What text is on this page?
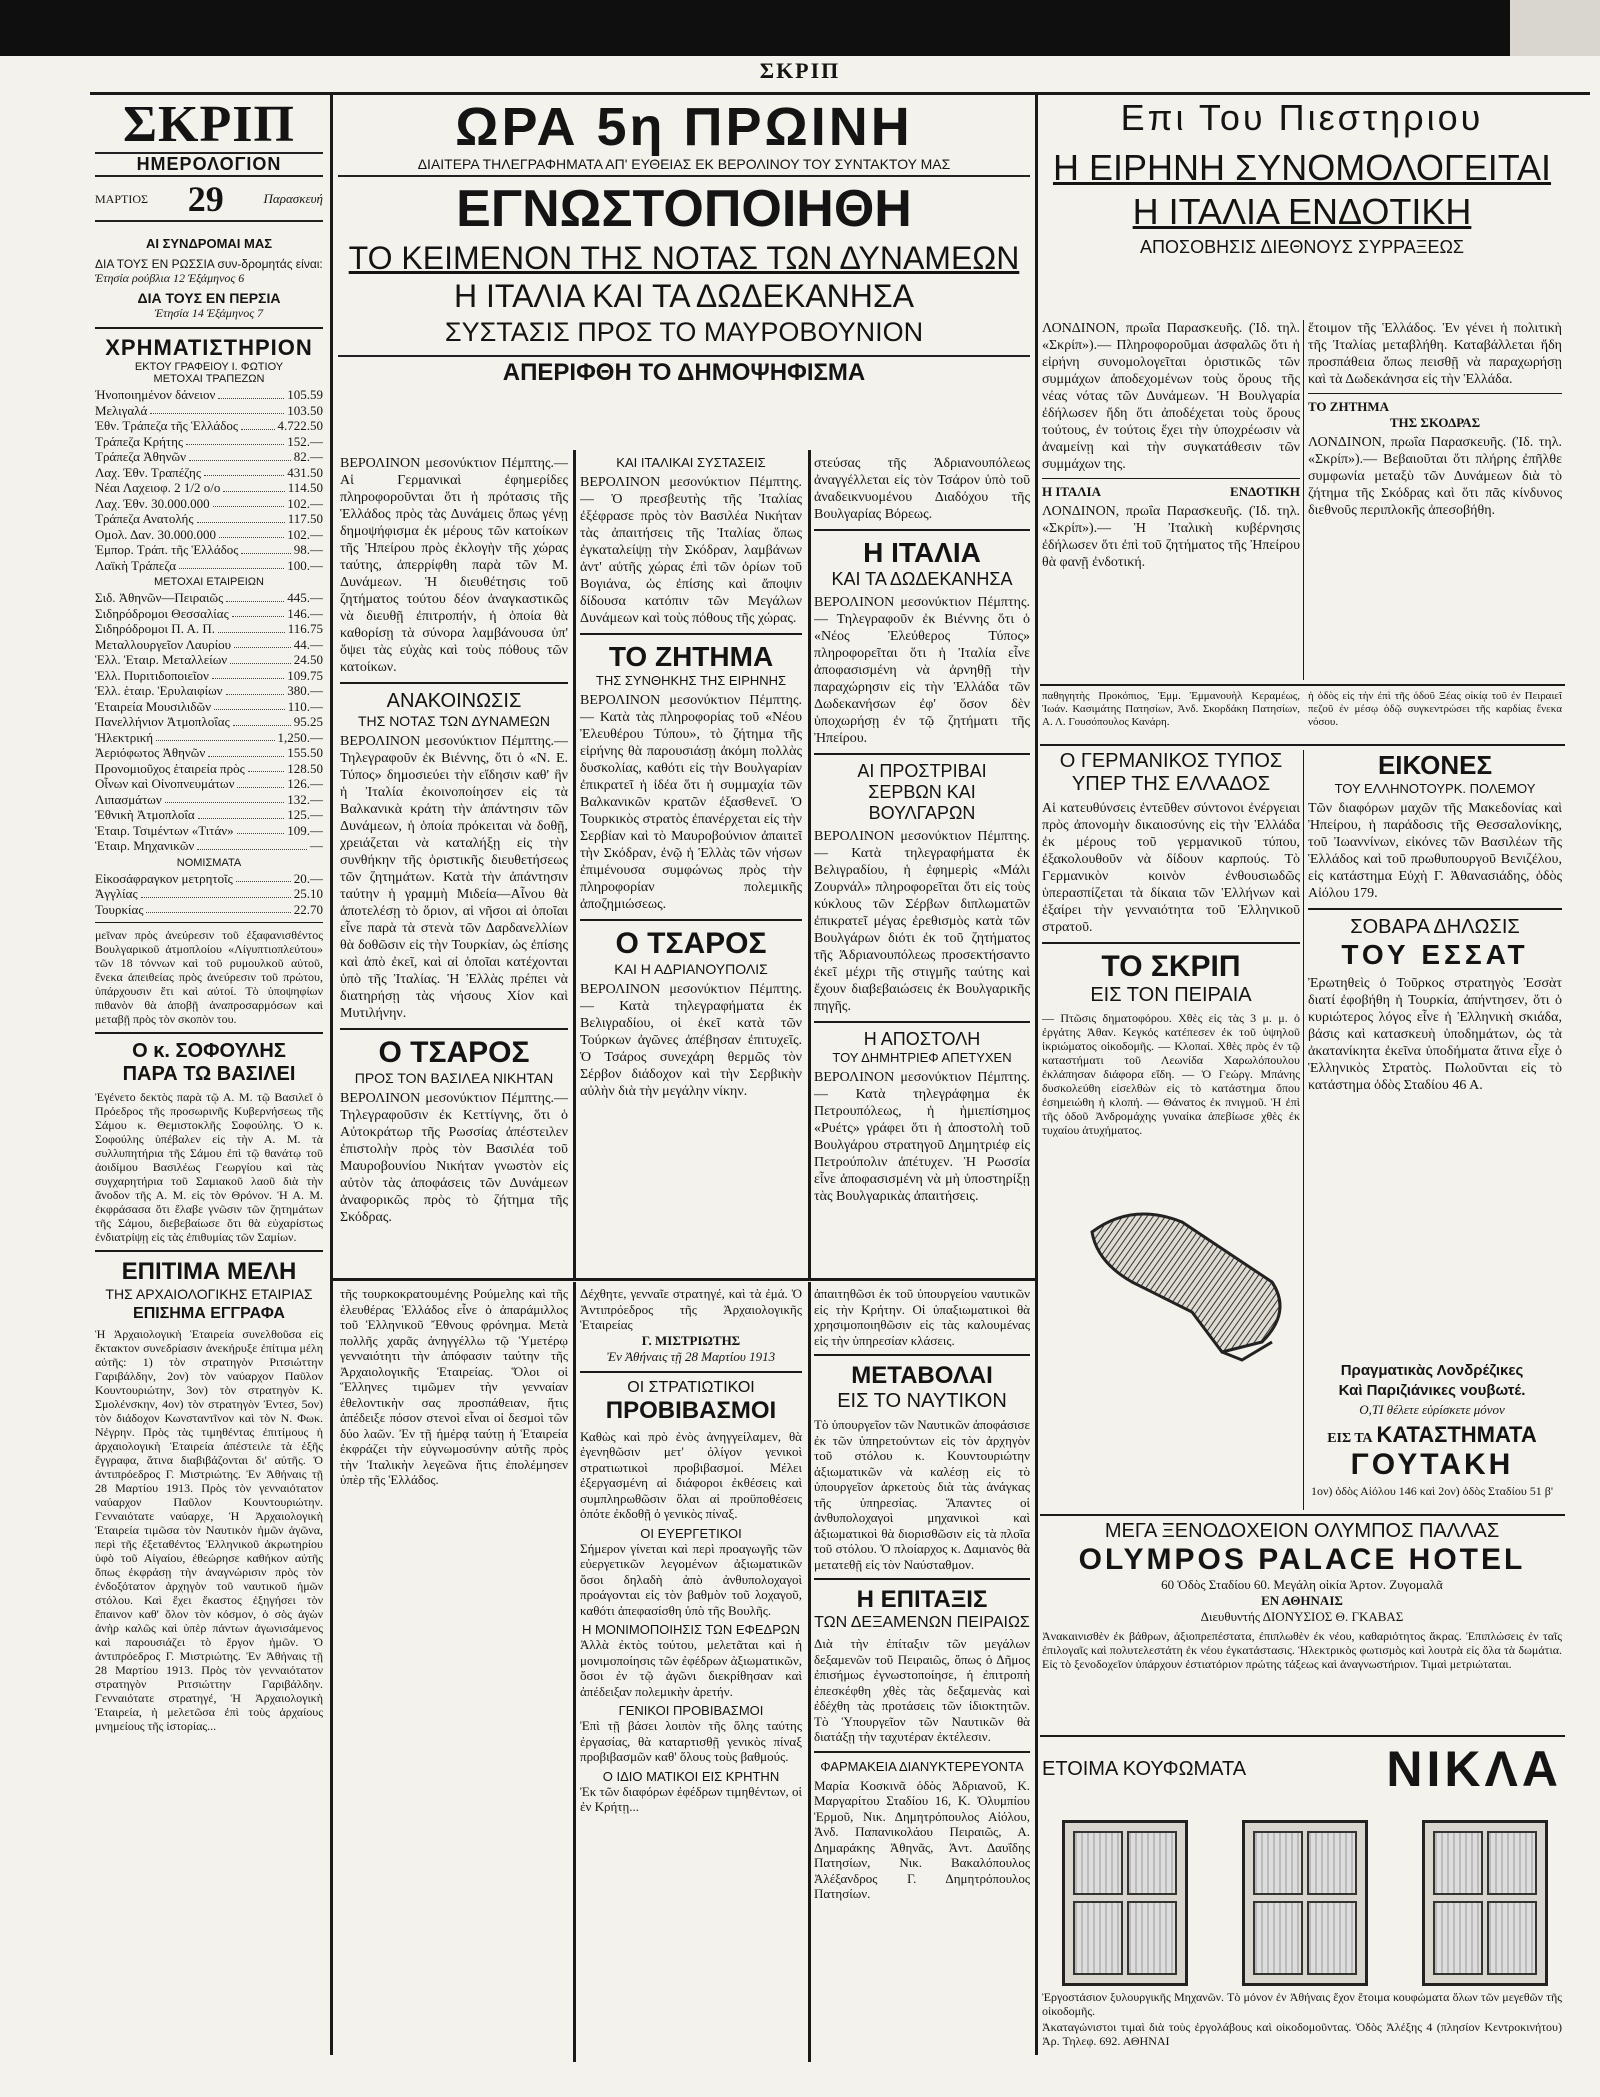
ΣΚΡΙΠ
ΣΚΡΙΠ
ΗΜΕΡΟΛΟΓΙΟΝ
ΜΑΡΤΙΟΣ 29	Παρασκευή
ΑΙ ΣΥΝΔΡΟΜΑΙ ΜΑΣ
ΔΙΑ ΤΟΥΣ ΕΝ ΡΩΣΣΙΑ συν-δρομητάς είναι:
Έτησία ρούβλια 12 Έξάμηνος 6
ΔΙΑ ΤΟΥΣ ΕΝ ΠΕΡΣΙΑ
Έτησία 14 Έξάμηνος 7
ΧΡΗΜΑΤΙΣΤΗΡΙΟΝ
ΕΚΤΟΥ ΓΡΑΦΕΙΟΥ Ι. ΦΩΤΙΟΥ
ΜΕΤΟΧΑΙ ΤΡΑΠΕΖΩΝ
Ήνοποιημένον δάνειον	105.59
Μελιγαλά	103.50
Έθν. Τράπεζα τῆς Ἑλλάδος	4.722.50
Τράπεζα Κρήτης	152.—
Τράπεζα Ἀθηνῶν	82.—
Λαχ. Έθν. Τραπέζης	431.50
Νέαι Λαχειοφ. 2 1/2 ο/ο	114.50
Λαχ. Έθν. 30.000.000	102.—
Τράπεζα Ανατολής	117.50
Ομολ. Δαν. 30.000.000	102.—
Έμπορ. Τράπ. τῆς Ἑλλάδος	98.—
Λαϊκὴ Τράπεζα	100.—
ΜΕΤΟΧΑΙ ΕΤΑΙΡΕΙΩΝ
Σιδ. Ἀθηνῶν—Πειραιῶς	445.—
Σιδηρόδρομοι Θεσσαλίας	146.—
Σιδηρόδρομοι Π. Α. Π.	116.75
Μεταλλουργεῖον Λαυρίου	44.—
Ἑλλ. Ἑταιρ. Μεταλλείων	24.50
Ἑλλ. Πυριτιδοποιεῖον	109.75
Ἑλλ. ἑταιρ. Ἑρυλαιφίων	380.—
Ἑταιρεία Μουσιλιδῶν	110.—
Πανελλήνιον Ἀτμοπλοΐας	95.25
Ἠλεκτρική	1,250.—
Ἀεριόφωτος Ἀθηνῶν	155.50
Προνομιοῦχος ἑταιρεία πρὸς	128.50
Οἶνων καὶ Οἰνοπνευμάτων	126.—
Λιπασμάτων	132.—
Ἐθνικὴ Ἀτμοπλοΐα	125.—
Ἑταιρ. Τσιμέντων «Τιτάν»	109.—
Ἑταιρ. Μηχανικῶν	—
ΝΟΜΙΣΜΑΤΑ
Εἰκοσάφραγκον μετρητοῖς	20.—
Ἀγγλίας	25.10
Τουρκίας	22.70

μεῖναν πρὸς ἀνεύρεσιν τοῦ ἐξαφανισθέντος Βουλγαρικοῦ ἀτμοπλοίου «Λίγυπτιοπλεύτου» τῶν 18 τόννων καὶ τοῦ ρυμουλκοῦ αὐτοῦ, ἕνεκα ἀπειθείας πρὸς ἀνεύρεσιν τοῦ πρώτου, ὑπάρχουσιν ἔτι καὶ αὐτοί. Τὸ ὑποψηφίων πιθανὸν θὰ ἀποβῇ ἀναπροσαρμόσων καὶ μεταβῇ πρὸς τὸν σκοπὸν του.

Ο κ. ΣΟΦΟΥΛΗΣ
ΠΑΡΑ ΤΩ ΒΑΣΙΛΕΙ

Ἐγένετο δεκτὸς παρὰ τῷ Α. Μ. τῷ Βασιλεῖ ὁ Πρόεδρος τῆς προσωρινῆς Κυβερνήσεως τῆς Σάμου κ. Θεμιστοκλῆς Σοφούλης. Ὁ κ. Σοφούλης ὑπέβαλεν εἰς τὴν Α. Μ. τὰ συλλυπητήρια τῆς Σάμου ἐπὶ τῷ θανάτῳ τοῦ ἀοιδίμου Βασιλέως Γεωργίου καὶ τὰς συγχαρητήρια τοῦ Σαμιακοῦ λαοῦ διὰ τὴν ἄνοδον τῆς Α. Μ. εἰς τὸν Θρόνον. Ἡ Α. Μ. ἐκφράσασα ὅτι ἔλαβε γνῶσιν τῶν ζητημάτων τῆς Σάμου, διεβεβαίωσε ὅτι θὰ εὐχαρίστως ἐνδιατρίψῃ εἰς τὰς ἐπιθυμίας τῶν Σαμίων.

ΕΠΙΤΙΜΑ ΜΕΛΗ
ΤΗΣ ΑΡΧΑΙΟΛΟΓΙΚΗΣ ΕΤΑΙΡΙΑΣ
ΕΠΙΣΗΜΑ ΕΓΓΡΑΦΑ

Ἡ Ἀρχαιολογικὴ Ἑταιρεία συνελθοῦσα εἰς ἔκτακτον συνεδρίασιν ἀνεκήρυξε ἐπίτιμα μέλη αὐτῆς: 1) τὸν στρατηγὸν Ριτσιώττην Γαριβάλδην, 2ον) τὸν ναύαρχον Παῦλον Κουντουριώτην, 3ον) τὸν στρατηγὸν Κ. Σμολένσκην, 4ον) τὸν στρατηγὸν Ἐντεσ, 5ον) τὸν διάδοχον Κωνσταντῖνον καὶ τὸν Ν. Φωκ. Νέγρην. Πρὸς τὰς τιμηθέντας ἐπιτίμους ἡ ἀρχαιολογικὴ Ἑταιρεία ἀπέστειλε τὰ ἑξῆς ἔγγραφα, ἅτινα διαβιβάζονται δι' αὐτῆς. Ὁ ἀντιπρόεδρος Γ. Μιστριώτης. Ἐν Ἀθήναις τῇ 28 Μαρτίου 1913. Πρὸς τὸν γενναιότατον ναύαρχον Παῦλον Κουντουριώτην. Γενναιότατε ναύαρχε, Ἡ Ἀρχαιολογικὴ Ἑταιρεία τιμῶσα τὸν Ναυτικὸν ἡμῶν ἀγῶνα, περὶ τῆς ἐξεταθέντος Ἑλληνικοῦ ἀκρωτηρίου ὑφὸ τοῦ Αἰγαίου, ἐθεώρησε καθήκον αὐτῆς ὅπως ἐκφράσῃ τὴν ἀναγνώρισιν πρὸς τὸν ἐνδοξότατον ἀρχηγὸν τοῦ ναυτικοῦ ἡμῶν στόλου. Καὶ ἔχει ἕκαστος ἐξηγήσει τὸν ἔπαινον καθ' ὅλον τὸν κόσμον, ὁ σὸς ἀγὼν ἀνὴρ καλῶς καὶ ὑπὲρ πάντων ἀγωνισάμενος καὶ παρουσιάζει τὸ ἔργον ἡμῶν. Ὁ ἀντιπρόεδρος Γ. Μιστριώτης. Ἐν Ἀθήναις τῇ 28 Μαρτίου 1913. Πρὸς τὸν γενναιότατον στρατηγὸν Ριτσιώττην Γαριβάλδην. Γενναιότατε στρατηγέ, Ἡ Ἀρχαιολογικὴ Ἑταιρεία, ἡ μελετῶσα ἐπὶ τοὺς ἀρχαίους μνημείους τῆς ἱστορίας...

ΩΡΑ 5η ΠΡΩΙΝΗ
ΔΙΑΙΤΕΡΑ ΤΗΛΕΓΡΑΦΗΜΑΤΑ ΑΠ' ΕΥΘΕΙΑΣ ΕΚ ΒΕΡΟΛΙΝΟΥ ΤΟΥ ΣΥΝΤΑΚΤΟΥ ΜΑΣ
ΕΓΝΩΣΤΟΠΟΙΗΘΗ
ΤΟ ΚΕΙΜΕΝΟΝ ΤΗΣ ΝΟΤΑΣ ΤΩΝ ΔΥΝΑΜΕΩΝ
Η ΙΤΑΛΙΑ ΚΑΙ ΤΑ ΔΩΔΕΚΑΝΗΣΑ
ΣΥΣΤΑΣΙΣ ΠΡΟΣ ΤΟ ΜΑΥΡΟΒΟΥΝΙΟΝ
ΑΠΕΡΙΦΘΗ ΤΟ ΔΗΜΟΨΗΦΙΣΜΑ

ΒΕΡΟΛΙΝΟΝ μεσονύκτιον Πέμπτης.— Αἱ Γερμανικαὶ ἐφημερίδες πληροφοροῦνται ὅτι ἡ πρότασις τῆς Ἑλλάδος πρὸς τὰς Δυνάμεις ὅπως γένῃ δημοψήφισμα ἐκ μέρους τῶν κατοίκων τῆς Ἠπείρου πρὸς ἐκλογὴν τῆς χώρας ταύτης, ἀπερρίφθη παρὰ τῶν Μ. Δυνάμεων. Ἡ διευθέτησις τοῦ ζητήματος τούτου δέον ἀναγκαστικῶς νὰ διευθῇ ἐπιτροπήν, ἡ ὁποία θὰ καθορίσῃ τὰ σύνορα λαμβάνουσα ὑπ' ὄψει τὰς εὐχὰς καὶ τοὺς πόθους τῶν κατοίκων.

ΑΝΑΚΟΙΝΩΣΙΣ
ΤΗΣ ΝΟΤΑΣ ΤΩΝ ΔΥΝΑΜΕΩΝ

ΒΕΡΟΛΙΝΟΝ μεσονύκτιον Πέμπτης.— Τηλεγραφοῦν ἐκ Βιέννης, ὅτι ὁ «Ν. Ε. Τύπος» δημοσιεύει τὴν εἴδησιν καθ' ἣν ἡ Ἰταλία ἐκοινοποίησεν εἰς τὰ Βαλκανικὰ κράτη τὴν ἀπάντησιν τῶν Δυνάμεων, ἡ ὁποία πρόκειται νὰ δοθῇ, χρειάζεται νὰ καταλήξῃ εἰς τὴν συνθήκην τῆς ὁριστικῆς διευθετήσεως τῶν ζητημάτων. Κατὰ τὴν ἀπάντησιν ταύτην ἡ γραμμὴ Μιδεία—Αἶνου θὰ ἀποτελέσῃ τὸ ὅριον, αἱ νῆσοι αἱ ὁποῖαι εἶνε παρὰ τὰ στενὰ τῶν Δαρδανελλίων θὰ δοθῶσιν εἰς τὴν Τουρκίαν, ὡς ἐπίσης καὶ ἀπὸ ἐκεῖ, καὶ αἱ ὁποῖαι κατέχονται ὑπὸ τῆς Ἰταλίας. Ἡ Ἑλλὰς πρέπει νὰ διατηρήσῃ τὰς νήσους Χίον καὶ Μυτιλήνην.

Ο ΤΣΑΡΟΣ
ΠΡΟΣ ΤΟΝ ΒΑΣΙΛΕΑ ΝΙΚΗΤΑΝ

ΒΕΡΟΛΙΝΟΝ μεσονύκτιον Πέμπτης.— Τηλεγραφοῦσιν ἐκ Κεττίγνης, ὅτι ὁ Αὐτοκράτωρ τῆς Ρωσσίας ἀπέστειλεν ἐπιστολὴν πρὸς τὸν Βασιλέα τοῦ Μαυροβουνίου Νικήταν γνωστὸν εἰς αὐτὸν τὰς ἀποφάσεις τῶν Δυνάμεων ἀναφορικῶς πρὸς τὸ ζήτημα τῆς Σκόδρας.

ΚΑΙ ΙΤΑΛΙΚΑΙ ΣΥΣΤΑΣΕΙΣ

ΒΕΡΟΛΙΝΟΝ μεσονύκτιον Πέμπτης.— Ὁ πρεσβευτὴς τῆς Ἰταλίας ἐξέφρασε πρὸς τὸν Βασιλέα Νικήταν τὰς ἀπαιτήσεις τῆς Ἰταλίας ὅπως ἐγκαταλείψῃ τὴν Σκόδραν, λαμβάνων ἀντ' αὐτῆς χώρας ἐπὶ τῶν ὁρίων τοῦ Βογιάνα, ὡς ἐπίσης καὶ ἄποψιν δίδουσα κατόπιν τῶν Μεγάλων Δυνάμεων καὶ τοὺς πόθους τῆς χώρας.

ΤΟ ΖΗΤΗΜΑ
ΤΗΣ ΣΥΝΘΗΚΗΣ ΤΗΣ ΕΙΡΗΝΗΣ

ΒΕΡΟΛΙΝΟΝ μεσονύκτιον Πέμπτης.— Κατὰ τὰς πληροφορίας τοῦ «Νέου Ἐλευθέρου Τύπου», τὸ ζήτημα τῆς εἰρήνης θὰ παρουσιάσῃ ἀκόμη πολλὰς δυσκολίας, καθότι εἰς τὴν Βουλγαρίαν ἐπικρατεῖ ἡ ἰδέα ὅτι ἡ συμμαχία τῶν Βαλκανικῶν κρατῶν ἐξασθενεῖ. Ὁ Τουρκικὸς στρατὸς ἐπανέρχεται εἰς τὴν Σερβίαν καὶ τὸ Μαυροβούνιον ἀπαιτεῖ τὴν Σκόδραν, ἐνῷ ἡ Ἑλλὰς τῶν νήσων ἐπιμένουσα συμφώνως πρὸς τὴν πληροφορίαν πολεμικῆς ἀποζημιώσεως.

Ο ΤΣΑΡΟΣ
ΚΑΙ Η ΑΔΡΙΑΝΟΥΠΟΛΙΣ

ΒΕΡΟΛΙΝΟΝ μεσονύκτιον Πέμπτης.— Κατὰ τηλεγραφήματα ἐκ Βελιγραδίου, οἱ ἐκεῖ κατὰ τῶν Τούρκων ἀγῶνες ἀπέβησαν ἐπιτυχεῖς. Ὁ Τσάρος συνεχάρη θερμῶς τὸν Σέρβον διάδοχον καὶ τὴν Σερβικὴν αὐλὴν διὰ τὴν μεγάλην νίκην.

στεύσας τῆς Ἀδριανουπόλεως ἀναγγέλλεται εἰς τὸν Τσάρον ὑπὸ τοῦ ἀναδεικνυομένου Διαδόχου τῆς Βουλγαρίας Βόρεως.

Η ΙΤΑΛΙΑ
ΚΑΙ ΤΑ ΔΩΔΕΚΑΝΗΣΑ

ΒΕΡΟΛΙΝΟΝ μεσονύκτιον Πέμπτης.— Τηλεγραφοῦν ἐκ Βιέννης ὅτι ὁ «Νέος Ἐλεύθερος Τύπος» πληροφορεῖται ὅτι ἡ Ἰταλία εἶνε ἀποφασισμένη νὰ ἀρνηθῇ τὴν παραχώρησιν εἰς τὴν Ἑλλάδα τῶν Δωδεκανήσων ἐφ' ὅσον δὲν ὑποχωρήσῃ ἐν τῷ ζητήματι τῆς Ἠπείρου.

ΑΙ ΠΡΟΣΤΡΙΒΑΙ
ΣΕΡΒΩΝ ΚΑΙ ΒΟΥΛΓΑΡΩΝ

ΒΕΡΟΛΙΝΟΝ μεσονύκτιον Πέμπτης.— Κατὰ τηλεγραφήματα ἐκ Βελιγραδίου, ἡ ἐφημερὶς «Μάλι Ζουρνάλ» πληροφορεῖται ὅτι εἰς τοὺς κύκλους τῶν Σέρβων διπλωματῶν ἐπικρατεῖ μέγας ἐρεθισμὸς κατὰ τῶν Βουλγάρων διότι ἐκ τοῦ ζητήματος τῆς Ἀδριανουπόλεως προσεκτήσαντο ἐκεῖ μέχρι τῆς στιγμῆς ταύτης καὶ ἔχουν διαβεβαιώσεις ἐκ Βουλγαρικῆς πηγῆς.

Η ΑΠΟΣΤΟΛΗ
ΤΟΥ ΔΗΜΗΤΡΙΕΦ ΑΠΕΤΥΧΕΝ

ΒΕΡΟΛΙΝΟΝ μεσονύκτιον Πέμπτης.— Κατὰ τηλεγράφημα ἐκ Πετρουπόλεως, ἡ ἡμιεπίσημος «Ρυέτς» γράφει ὅτι ἡ ἀποστολὴ τοῦ Βουλγάρου στρατηγοῦ Δημητριέφ εἰς Πετρούπολιν ἀπέτυχεν. Ἡ Ρωσσία εἶνε ἀποφασισμένη νὰ μὴ ὑποστηρίξῃ τὰς Βουλγαρικὰς ἀπαιτήσεις.

τῆς τουρκοκρατουμένης Ρούμελης καὶ τῆς ἐλευθέρας Ἑλλάδος εἶνε ὁ ἀπαράμιλλος τοῦ Ἑλληνικοῦ Ἔθνους φρόνημα. Μετὰ πολλῆς χαρᾶς ἀνηγγέλλω τῷ Ὑμετέρῳ γενναιότητι τὴν ἀπόφασιν ταύτην τῆς Ἀρχαιολογικῆς Ἑταιρείας. Ὅλοι οἱ Ἕλληνες τιμῶμεν τὴν γενναίαν ἐθελοντικὴν σας προσπάθειαν, ἥτις ἀπέδειξε πόσον στενοὶ εἶναι οἱ δεσμοὶ τῶν δύο λαῶν. Ἐν τῇ ἡμέρᾳ ταύτῃ ἡ Ἑταιρεία ἐκφράζει τὴν εὐγνωμοσύνην αὐτῆς πρὸς τὴν Ἰταλικὴν λεγεῶνα ἥτις ἐπολέμησεν ὑπὲρ τῆς Ἑλλάδος.

Δέχθητε, γενναῖε στρατηγέ, καὶ τὰ ἐμά. Ὁ Ἀντιπρόεδρος τῆς Ἀρχαιολογικῆς Ἑταιρείας

Γ. ΜΙΣΤΡΙΩΤΗΣ
Ἐν Ἀθήναις τῇ 28 Μαρτίου 1913
ΟΙ ΣΤΡΑΤΙΩΤΙΚΟΙ
ΠΡΟΒΙΒΑΣΜΟΙ

Καθὼς καὶ πρὸ ἐνὸς ἀνηγγείλαμεν, θὰ ἐγενηθῶσιν μετ' ὀλίγον γενικοὶ στρατιωτικοὶ προβιβασμοί. Μέλει ἐξεργασμένη αἱ διάφοροι ἐκθέσεις καὶ συμπληρωθῶσιν ὅλαι αἱ προϋποθέσεις ὁπότε ἐκδοθῇ ὁ γενικὸς πίναξ.

ΟΙ ΕΥΕΡΓΕΤΙΚΟΙ

Σήμερον γίνεται καὶ περὶ προαγωγῆς τῶν εὐεργετικῶν λεγομένων ἀξιωματικῶν ὅσοι δηλαδὴ ἀπὸ ἀνθυπολοχαγοὶ προάγονται εἰς τὸν βαθμὸν τοῦ λοχαγοῦ, καθότι ἀπεφασίσθη ὑπὸ τῆς Βουλῆς.

Η ΜΟΝΙΜΟΠΟΙΗΣΙΣ ΤΩΝ ΕΦΕΔΡΩΝ

Ἀλλὰ ἐκτὸς τούτου, μελετᾶται καὶ ἡ μονιμοποίησις τῶν ἐφέδρων ἀξιωματικῶν, ὅσοι ἐν τῷ ἀγῶνι διεκρίθησαν καὶ ἀπέδειξαν πολεμικὴν ἀρετήν.

ΓΕΝΙΚΟΙ ΠΡΟΒΙΒΑΣΜΟΙ

Ἐπὶ τῇ βάσει λοιπὸν τῆς ὅλης ταύτης ἐργασίας, θὰ καταρτισθῇ γενικὸς πίναξ προβιβασμῶν καθ' ὅλους τοὺς βαθμούς.

Ο ΙΔΙΟ ΜΑΤΙΚΟΙ ΕΙΣ ΚΡΗΤΗΝ

Ἐκ τῶν διαφόρων ἐφέδρων τιμηθέντων, οἱ ἐν Κρήτῃ...

ἀπαιτηθῶσι ἐκ τοῦ ὑπουργείου ναυτικῶν εἰς τὴν Κρήτην. Οἱ ὑπαξιωματικοὶ θὰ χρησιμοποιηθῶσιν εἰς τὰς καλουμένας εἰς τὴν ὑπηρεσίαν κλάσεις.

ΜΕΤΑΒΟΛΑΙ
ΕΙΣ ΤΟ ΝΑΥΤΙΚΟΝ

Τὸ ὑπουργεῖον τῶν Ναυτικῶν ἀποφάσισε ἐκ τῶν ὑπηρετούντων εἰς τὸν ἀρχηγὸν τοῦ στόλου κ. Κουντουριώτην ἀξιωματικῶν νὰ καλέσῃ εἰς τὸ ὑπουργεῖον ἀρκετοὺς διὰ τὰς ἀνάγκας τῆς ὑπηρεσίας. Ἅπαντες οἱ ἀνθυπολοχαγοὶ μηχανικοὶ καὶ ἀξιωματικοὶ θὰ διορισθῶσιν εἰς τὰ πλοῖα τοῦ στόλου. Ὁ πλοίαρχος κ. Δαμιανὸς θὰ μετατεθῇ εἰς τὸν Ναύσταθμον.

Η ΕΠΙΤΑΞΙΣ
ΤΩΝ ΔΕΞΑΜΕΝΩΝ ΠΕΙΡΑΙΩΣ

Διὰ τὴν ἐπίταξιν τῶν μεγάλων δεξαμενῶν τοῦ Πειραιῶς, ὅπως ὁ Δῆμος ἐπισήμως ἐγνωστοποίησε, ἡ ἐπιτροπὴ ἐπεσκέφθη χθὲς τὰς δεξαμενὰς καὶ ἐδέχθη τὰς προτάσεις τῶν ἰδιοκτητῶν. Τὸ Ὑπουργεῖον τῶν Ναυτικῶν θὰ διατάξῃ τὴν ταχυτέραν ἐκτέλεσιν.

ΦΑΡΜΑΚΕΙΑ ΔΙΑΝΥΚΤΕΡΕΥΟΝΤΑ

Μαρία Κοσκινᾶ ὁδὸς Ἀδριανοῦ, Κ. Μαργαρίτου Σταδίου 16, Κ. Ὀλυμπίου Ἑρμοῦ, Νικ. Δημητρόπουλος Αἰόλου, Ἀνδ. Παπανικολάου Πειραιῶς, Α. Δημαράκης Ἀθηνᾶς, Ἀντ. Δαυΐδης Πατησίων, Νικ. Βακαλόπουλος Ἀλέξανδρος Γ. Δημητρόπουλος Πατησίων.

Επι Του Πιεστηριου
Η ΕΙΡΗΝΗ ΣΥΝΟΜΟΛΟΓΕΙΤΑΙ
Η ΙΤΑΛΙΑ ΕΝΔΟΤΙΚΗ
ΑΠΟΣΟΒΗΣΙΣ ΔΙΕΘΝΟΥΣ ΣΥΡΡΑΞΕΩΣ

ΛΟΝΔΙΝΟΝ, πρωΐα Παρασκευῆς. (Ἰδ. τηλ. «Σκρίπ»).— Πληροφοροῦμαι ἀσφαλῶς ὅτι ἡ εἰρήνη συνομολογεῖται ὁριστικῶς τῶν συμμάχων ἀποδεχομένων τοὺς ὅρους τῆς νέας νότας τῶν Δυνάμεων. Ἡ Βουλγαρία ἐδήλωσεν ἤδη ὅτι ἀποδέχεται τοὺς ὅρους τούτους, ἐν τούτοις ἔχει τὴν ὑποχρέωσιν νὰ ἀναμείνῃ καὶ τὴν συγκατάθεσιν τῶν συμμάχων της.

Η ΙΤΑΛΙΑ	ΕΝΔΟΤΙΚΗ

ΛΟΝΔΙΝΟΝ, πρωΐα Παρασκευῆς. (Ἰδ. τηλ. «Σκρίπ»).— Ἡ Ἰταλικὴ κυβέρνησις ἐδήλωσεν ὅτι ἐπὶ τοῦ ζητήματος τῆς Ἠπείρου θὰ φανῇ ἐνδοτική.

ἕτοιμον τῆς Ἑλλάδος. Ἐν γένει ἡ πολιτικὴ τῆς Ἰταλίας μεταβλήθη. Καταβάλλεται ἤδη προσπάθεια ὅπως πεισθῇ νὰ παραχωρήσῃ καὶ τὰ Δωδεκάνησα εἰς τὴν Ἑλλάδα.

ΤΟ ΖΗΤΗΜΑ
ΤΗΣ ΣΚΟΔΡΑΣ

ΛΟΝΔΙΝΟΝ, πρωΐα Παρασκευῆς. (Ἰδ. τηλ. «Σκρίπ»).— Βεβαιοῦται ὅτι πλήρης ἐπῆλθε συμφωνία μεταξὺ τῶν Δυνάμεων διὰ τὸ ζήτημα τῆς Σκόδρας καὶ ὅτι πᾶς κίνδυνος διεθνοῦς περιπλοκῆς ἀπεσοβήθη.

παθηγητὴς Προκόπιος, Ἐμμ. Ἐμμανουὴλ Κεραμέως, Ἰωάν. Κασιμάτης Πατησίων, Ἀνδ. Σκορδάκη Πατησίων, Α. Λ. Γουσόπουλος Κανάρη.

ἡ ὁδὸς εἰς τὴν ἐπὶ τῆς ὁδοῦ Ξέας οἰκίᾳ τοῦ ἐν Πειραιεῖ πεζοῦ ἐν μέσῳ ὁδῷ συγκεντρώσει τῆς καρδίας ἕνεκα νόσου.

Ο ΓΕΡΜΑΝΙΚΟΣ ΤΥΠΟΣ
ΥΠΕΡ ΤΗΣ ΕΛΛΑΔΟΣ

Αἱ κατευθύνσεις ἐντεῦθεν σύντονοι ἐνέργειαι πρὸς ἀπονομὴν δικαιοσύνης εἰς τὴν Ἑλλάδα ἐκ μέρους τοῦ γερμανικοῦ τύπου, ἐξακολουθοῦν νὰ δίδουν καρπούς. Τὸ Γερμανικὸν κοινὸν ἐνθουσιωδῶς ὑπερασπίζεται τὰ δίκαια τῶν Ἑλλήνων καὶ ἐξαίρει τὴν γενναιότητα τοῦ Ἑλληνικοῦ στρατοῦ.

ΤΟ ΣΚΡΙΠ
ΕΙΣ ΤΟΝ ΠΕΙΡΑΙΑ

— Πτῶσις δηματοφόρου. Χθὲς εἰς τὰς 3 μ. μ. ὁ ἐργάτης Ἀθαν. Κεγκός κατέπεσεν ἐκ τοῦ ὑψηλοῦ ἰκριώματος οἰκοδομῆς. — Κλοπαί. Χθὲς πρὸς ἐν τῷ καταστήματι τοῦ Λεωνίδα Χαρωλόπουλου ἐκλάπησαν διάφορα εἴδη. — Ὁ Γεώργ. Μπάνης δυσκολεύθη εἰσελθὼν εἰς τὸ κατάστημα ὅπου ἐσημειώθη ἡ κλοπή. — Θάνατος ἐκ πνιγμοῦ. Ἡ ἐπὶ τῆς ὁδοῦ Ἀνδρομάχης γυναίκα ἀπεβίωσε χθὲς ἐκ τυχαίου ἀτυχήματος.

ΕΙΚΟΝΕΣ
ΤΟΥ ΕΛΛΗΝΟΤΟΥΡΚ. ΠΟΛΕΜΟΥ

Τῶν διαφόρων μαχῶν τῆς Μακεδονίας καὶ Ἠπείρου, ἡ παράδοσις τῆς Θεσσαλονίκης, τοῦ Ἰωαννίνων, εἰκόνες τῶν Βασιλέων τῆς Ἑλλάδος καὶ τοῦ πρωθυπουργοῦ Βενιζέλου, εἰς κατάστημα Εὐχὴ Γ. Ἀθανασιάδης, ὁδὸς Αἰόλου 179.

ΣΟΒΑΡΑ ΔΗΛΩΣΙΣ
ΤΟΥ ΕΣΣΑΤ

Ἐρωτηθεὶς ὁ Τοῦρκος στρατηγὸς Ἐσσὰτ διατί ἐφοβήθη ἡ Τουρκία, ἀπήντησεν, ὅτι ὁ κυριώτερος λόγος εἶνε ἡ Ἑλληνικὴ σκιάδα, βάσις καὶ κατασκευὴ ὑποδημάτων, ὡς τὰ ἀκατανίκητα ἐκεῖνα ὑποδήματα ἅτινα εἶχε ὁ Ἑλληνικὸς Στρατὸς. Πωλοῦνται εἰς τὸ κατάστημα ὁδὸς Σταδίου 46 Α.

Πραγματικὰς Λονδρέζικες
Καὶ Παριζιάνικες νουβωτέ.
Ο,ΤΙ θέλετε εὑρίσκετε μόνον
ΕΙΣ ΤΑ ΚΑΤΑΣΤΗΜΑΤΑ
ΓΟΥΤΑΚΗ
1ον) ὁδὸς Αἰόλου 146 καὶ 2ον) ὁδὸς Σταδίου 51 β'
ΜΕΓΑ ΞΕΝΟΔΟΧΕΙΟΝ ΟΛΥΜΠΟΣ ΠΑΛΛΑΣ
OLYMPOS PALACE HOTEL
60 Ὁδὸς Σταδίου 60. Μεγάλη οἰκία Ἀρτον. Ζυγομαλᾶ
ΕΝ ΑΘΗΝΑΙΣ
Διευθυντής ΔΙΟΝΥΣΙΟΣ Θ. ΓΚΑΒΑΣ

Ἀνακαινισθὲν ἐκ βάθρων, ἀξιοπρεπέστατα, ἐπιπλωθὲν ἐκ νέου, καθαριότητος ἄκρας. Ἐπιπλώσεις ἐν ταῖς ἐπιλογαῖς καὶ πολυτελεστάτη ἐκ νέου ἐγκατάστασις. Ἡλεκτρικὸς φωτισμὸς καὶ λουτρὰ εἰς ὅλα τὰ δωμάτια. Εἰς τὸ ξενοδοχεῖον ὑπάρχουν ἐστιατόριον πρώτης τάξεως καὶ ἀναγνωστήριον. Τιμαὶ μετριώταται.

ΕΤΟΙΜΑ ΚΟΥΦΩΜΑΤΑ	ΝΙΚΛΑ

Ἐργοστάσιον ξυλουργικῆς Μηχανῶν. Τὸ μόνον ἐν Ἀθήναις ἔχον ἕτοιμα κουφώματα ὅλων τῶν μεγεθῶν τῆς οἰκοδομῆς.

Ἀκαταγώνιστοι τιμαὶ διὰ τοὺς ἐργολάβους καὶ οἰκοδομοῦντας. Ὁδὸς Ἀλέξης 4 (πλησίον Κεντροκινήτου) Ἀρ. Τηλεφ. 692. ΑΘΗΝΑΙ
